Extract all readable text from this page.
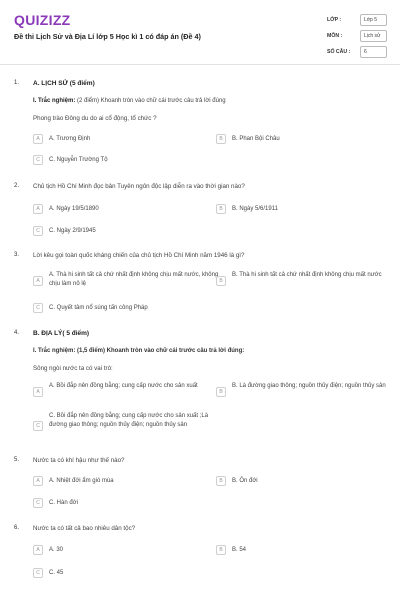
QUIZIZZ
Đề thi Lịch Sử và Địa Lí lớp 5 Học kì 1 có đáp án (Đề 4)
LỚP :	Lớp 5
MÔN :	Lịch sử
SỐ CÂU :	6
1. A. LỊCH SỬ (5 điểm)
I. Trắc nghiệm: (2 điểm) Khoanh tròn vào chữ cái trước câu trả lời đúng
Phong trào Đông du do ai cổ động, tổ chức ?
A	A. Trương Định	B	B. Phan Bội Châu
C	C. Nguyễn Trường Tộ
2. Chủ tịch Hồ Chí Minh đọc bản Tuyên ngôn độc lập diễn ra vào thời gian nào?
A	A. Ngày 19/5/1890	B	B. Ngày 5/6/1911
C	C. Ngày 2/9/1945
3. Lời kêu gọi toàn quốc kháng chiến của chủ tịch Hồ Chí Minh năm 1946 là gì?
A
A. Thà hi sinh tất cả chứ nhất định không chịu mất nước, không chịu làm nô lệ	B
B. Thà hi sinh tất cả chứ nhất định không chịu mất nước
C	C. Quyết tâm nổ súng tấn công Pháp
4. B. ĐỊA LÝ( 5 điểm)
I. Trắc nghiệm: (1,5 điểm) Khoanh tròn vào chữ cái trước câu trả lời đúng:
Sông ngòi nước ta có vai trò:
A
A. Bồi đắp nên đồng bằng; cung cấp nước cho sản xuất
B
B. Là đường giao thông; nguồn thủy điện; nguồn thủy sản
C
C. Bồi đắp nên đồng bằng; cung cấp nước cho sản xuất ;Là đường giao thông; nguồn thủy điện; nguồn thủy sản
5. Nước ta có khí hậu như thế nào?
A	A. Nhiệt đới ẩm gió mùa	B	B. Ôn đới
C	C. Hàn đới
6. Nước ta có tất cả bao nhiêu dân tộc?
A	A. 30	B	B. 54
C	C. 45
